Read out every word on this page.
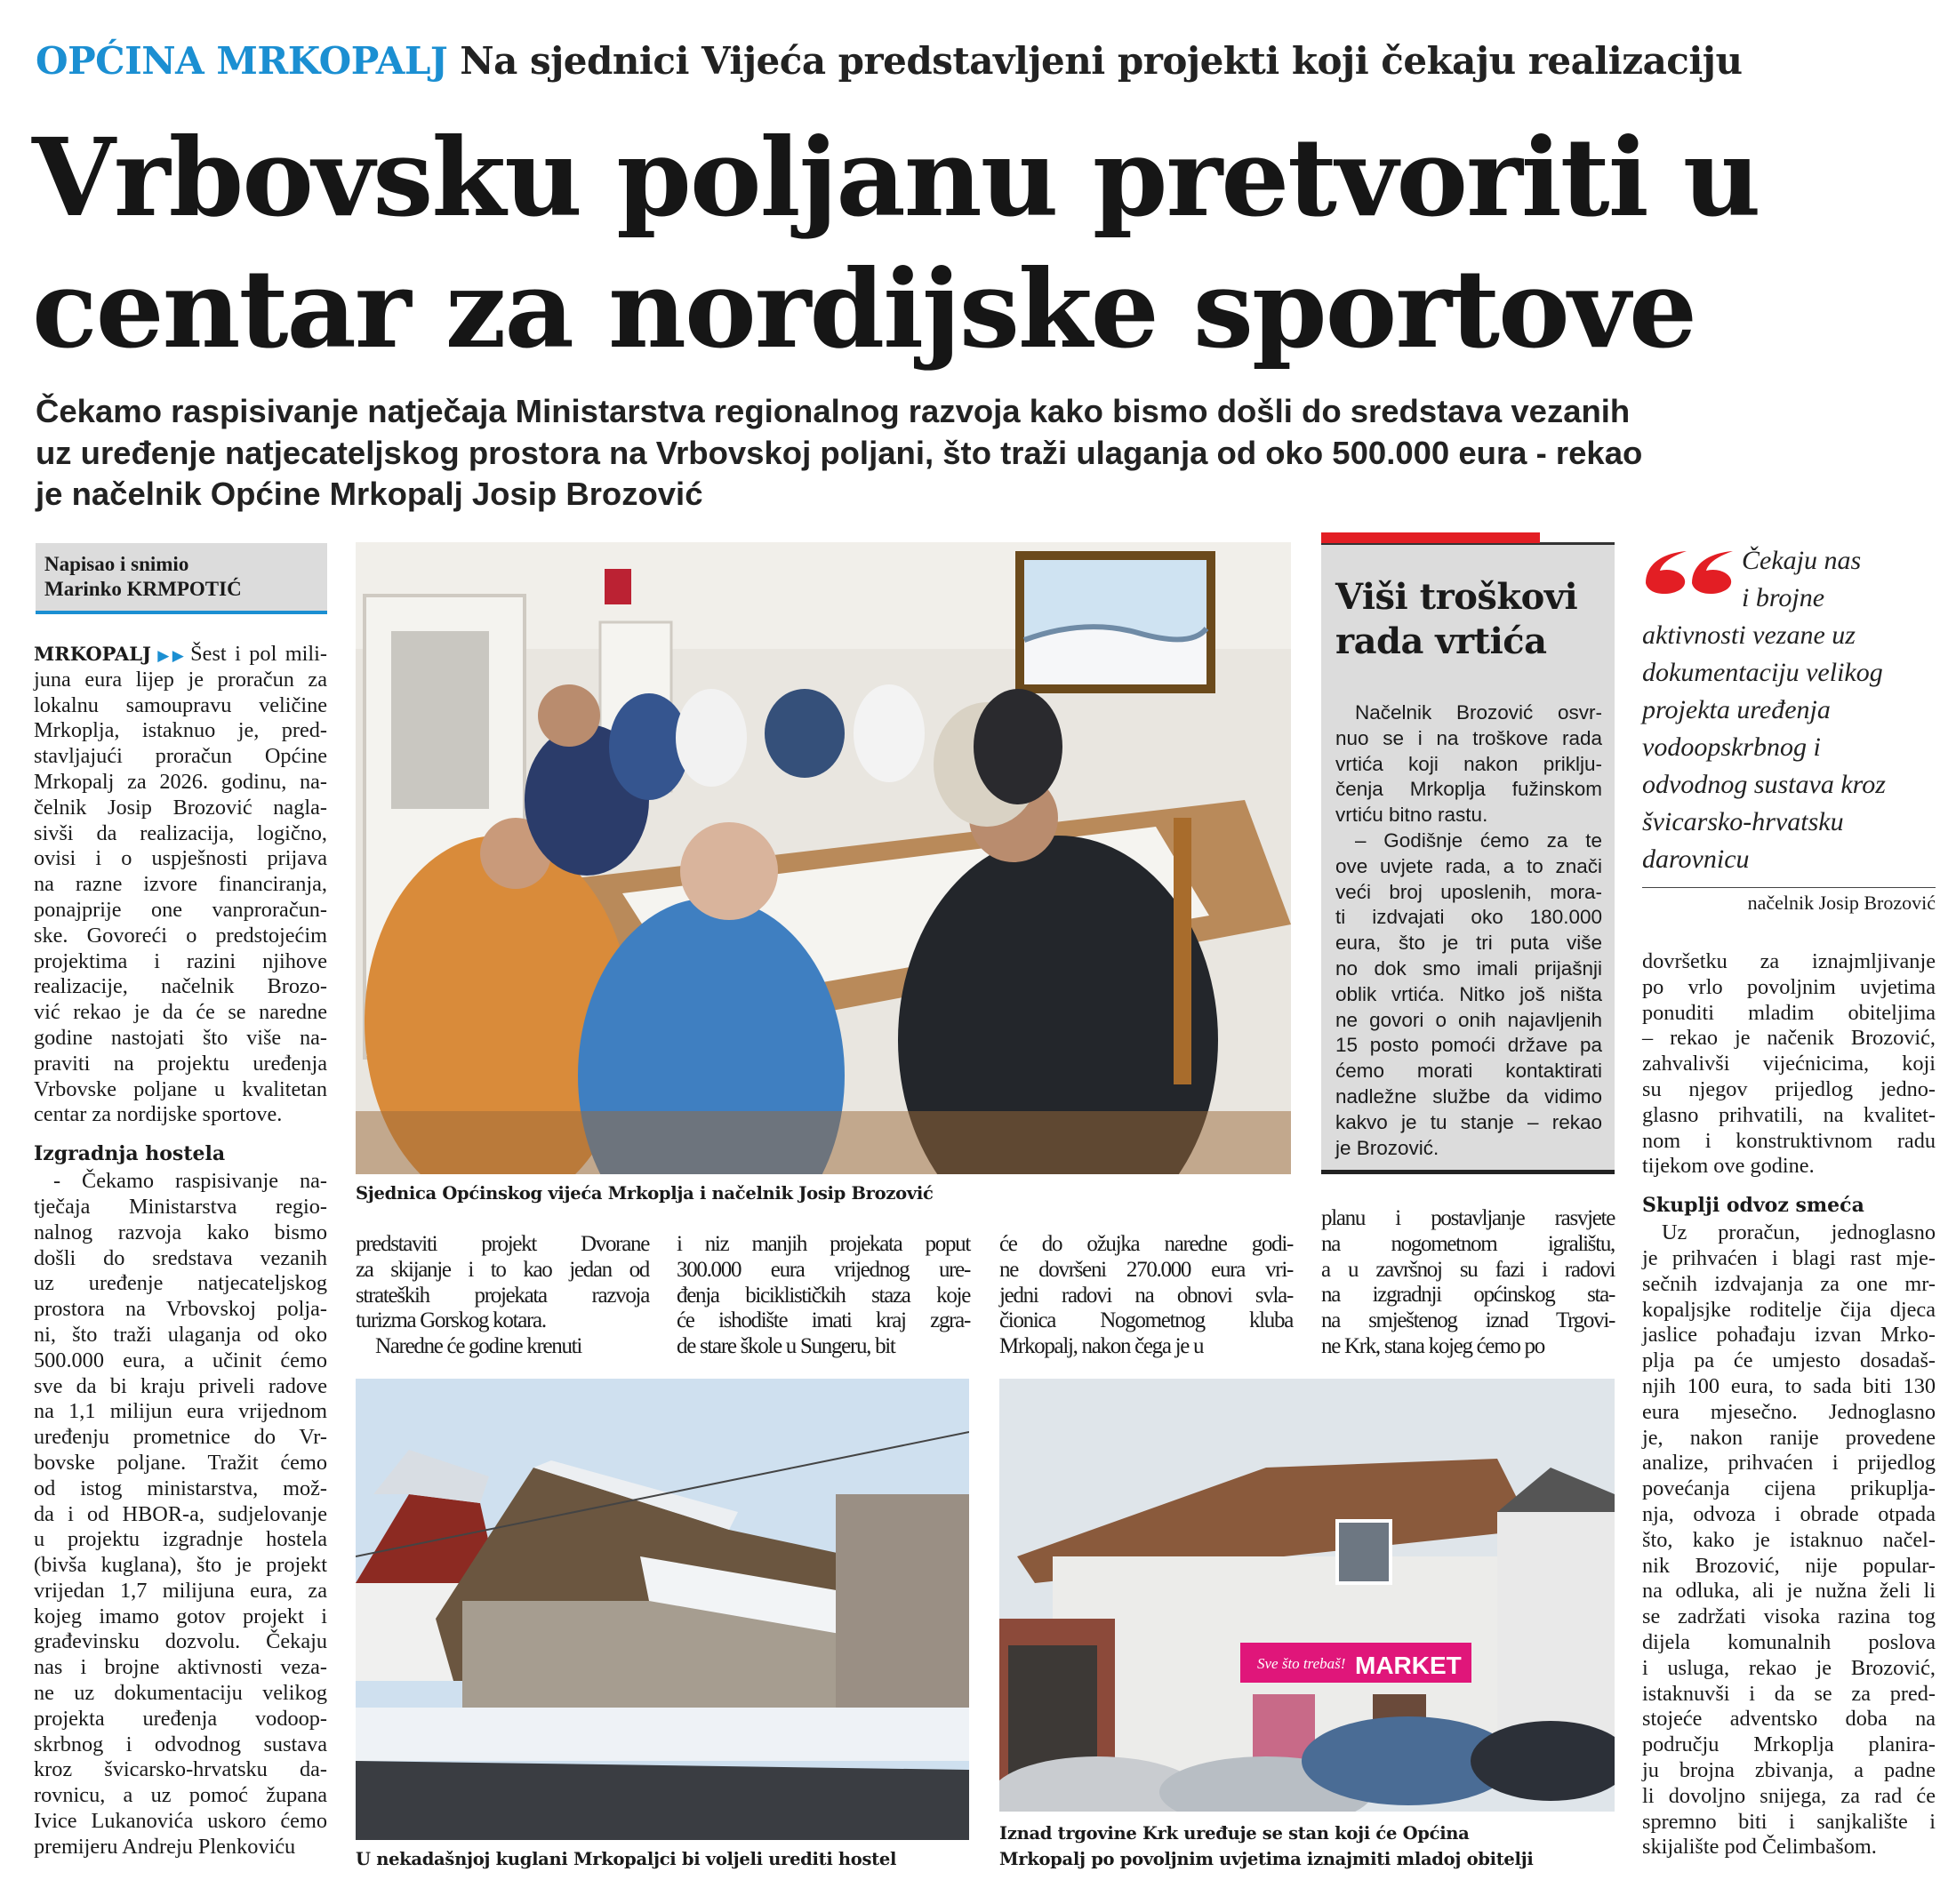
OPĆINA MRKOPALJ Na sjednici Vijeća predstavljeni projekti koji čekaju realizaciju
Vrbovsku poljanu pretvoriti u
centar za nordijske sportove
Čekamo raspisivanje natječaja Ministarstva regionalnog razvoja kako bismo došli do sredstava vezanih
uz uređenje natjecateljskog prostora na Vrbovskoj poljani, što traži ulaganja od oko 500.000 eura - rekao
je načelnik Općine Mrkopalj Josip Brozović
Napisao i snimio
Marinko KRMPOTIĆ
MRKOPALJ ▶▶ Šest i pol mili-
juna eura lijep je proračun za
lokalnu samoupravu veličine
Mrkoplja, istaknuo je, pred-
stavljajući proračun Općine
Mrkopalj za 2026. godinu, na-
čelnik Josip Brozović nagla-
sivši da realizacija, logično,
ovisi i o uspješnosti prijava
na razne izvore financiranja,
ponajprije one vanproračun-
ske. Govoreći o predstojećim
projektima i razini njihove
realizacije, načelnik Brozo-
vić rekao je da će se naredne
godine nastojati što više na-
praviti na projektu uređenja
Vrbovske poljane u kvalitetan
centar za nordijske sportove.
Izgradnja hostela
- Čekamo raspisivanje na-
tječaja Ministarstva regio-
nalnog razvoja kako bismo
došli do sredstava vezanih
uz uređenje natjecateljskog
prostora na Vrbovskoj polja-
ni, što traži ulaganja od oko
500.000 eura, a učinit ćemo
sve da bi kraju priveli radove
na 1,1 milijun eura vrijednom
uređenju prometnice do Vr-
bovske poljane. Tražit ćemo
od istog ministarstva, mož-
da i od HBOR-a, sudjelovanje
u projektu izgradnje hostela
(bivša kuglana), što je projekt
vrijedan 1,7 milijuna eura, za
kojeg imamo gotov projekt i
građevinsku dozvolu. Čekaju
nas i brojne aktivnosti veza-
ne uz dokumentaciju velikog
projekta uređenja vodoop-
skrbnog i odvodnog sustava
kroz švicarsko-hrvatsku da-
rovnicu, a uz pomoć župana
Ivice Lukanovića uskoro ćemo
premijeru Andreju Plenkoviću
Sjednica Općinskog vijeća Mrkoplja i načelnik Josip Brozović
Viši troškovi
rada vrtića
Načelnik Brozović osvr-
nuo se i na troškove rada
vrtića koji nakon priklju-
čenja Mrkoplja fužinskom
vrtiću bitno rastu.
– Godišnje ćemo za te
ove uvjete rada, a to znači
veći broj uposlenih, mora-
ti izdvajati oko 180.000
eura, što je tri puta više
no dok smo imali prijašnji
oblik vrtića. Nitko još ništa
ne govori o onih najavljenih
15 posto pomoći države pa
ćemo morati kontaktirati
nadležne službe da vidimo
kakvo je tu stanje – rekao
je Brozović.
Čekaju nas
i brojne
aktivnosti vezane uz
dokumentaciju velikog
projekta uređenja
vodoopskrbnog i
odvodnog sustava kroz
švicarsko-hrvatsku
darovnicu
načelnik Josip Brozović
dovršetku za iznajmljivanje
po vrlo povoljnim uvjetima
ponuditi mladim obiteljima
– rekao je načenik Brozović,
zahvalivši vijećnicima, koji
su njegov prijedlog jedno-
glasno prihvatili, na kvalitet-
nom i konstruktivnom radu
tijekom ove godine.
Skuplji odvoz smeća
Uz proračun, jednoglasno
je prihvaćen i blagi rast mje-
sečnih izdvajanja za one mr-
kopaljsjke roditelje čija djeca
jaslice pohađaju izvan Mrko-
plja pa će umjesto dosadaš-
njih 100 eura, to sada biti 130
eura mjesečno. Jednoglasno
je, nakon ranije provedene
analize, prihvaćen i prijedlog
povećanja cijena prikuplja-
nja, odvoza i obrade otpada
što, kako je istaknuo načel-
nik Brozović, nije popular-
na odluka, ali je nužna želi li
se zadržati visoka razina tog
dijela komunalnih poslova
i usluga, rekao je Brozović,
istaknuvši i da se za pred-
stojeće adventsko doba na
području Mrkoplja planira-
ju brojna zbivanja, a padne
li dovoljno snijega, za rad će
spremno biti i sanjkalište i
skijalište pod Čelimbašom.
predstaviti projekt Dvorane
za skijanje i to kao jedan od
strateških projekata razvoja
turizma Gorskog kotara.
Naredne će godine krenuti
i niz manjih projekata poput
300.000 eura vrijednog ure-
đenja biciklističkih staza koje
će ishodište imati kraj zgra-
de stare škole u Sungeru, bit
će do ožujka naredne godi-
ne dovršeni 270.000 eura vri-
jedni radovi na obnovi svla-
čionica Nogometnog kluba
Mrkopalj, nakon čega je u
planu i postavljanje rasvjete
na nogometnom igralištu,
a u završnoj su fazi i radovi
na izgradnji općinskog sta-
na smještenog iznad Trgovi-
ne Krk, stana kojeg ćemo po
U nekadašnjoj kuglani Mrkopaljci bi voljeli urediti hostel
Sve što trebaš! MARKET
Iznad trgovine Krk uređuje se stan koji će Općina
Mrkopalj po povoljnim uvjetima iznajmiti mladoj obitelji
